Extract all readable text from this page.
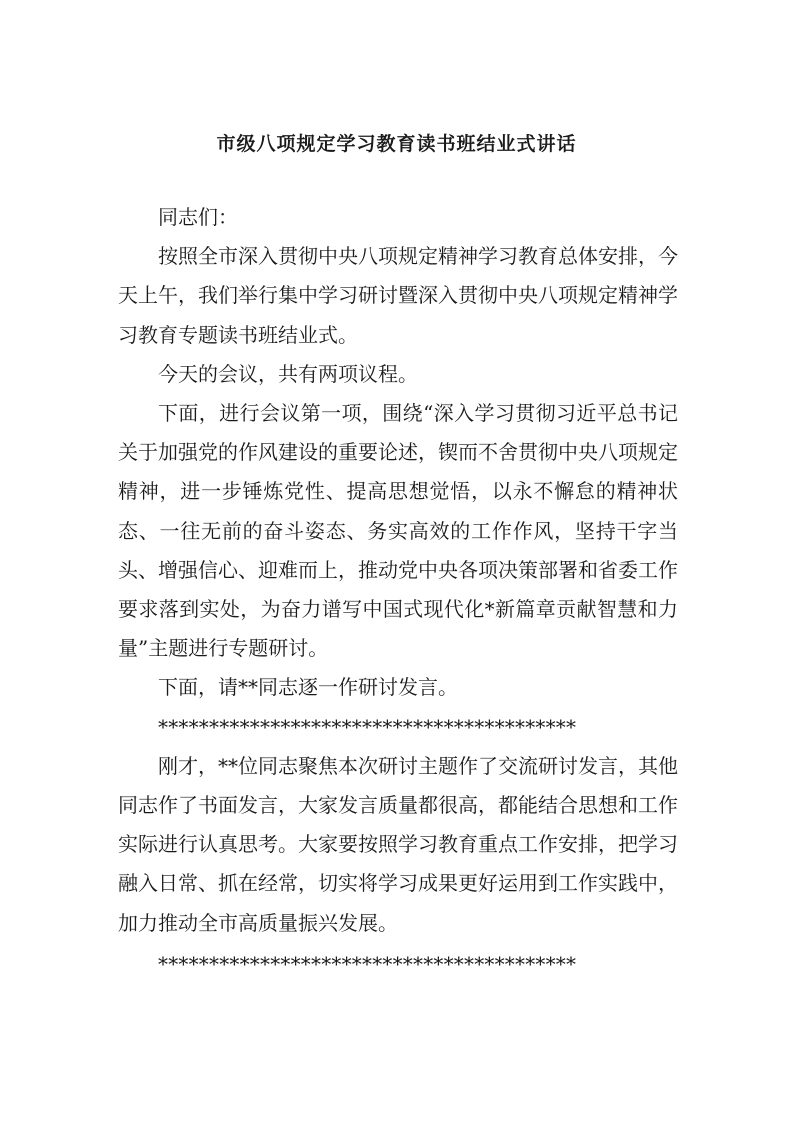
市级八项规定学习教育读书班结业式讲话

同志们：

按照全市深入贯彻中央八项规定精神学习教育总体安排，今天上午，我们举行集中学习研讨暨深入贯彻中央八项规定精神学习教育专题读书班结业式。

今天的会议，共有两项议程。

下面，进行会议第一项，围绕“深入学习贯彻习近平总书记关于加强党的作风建设的重要论述，锲而不舍贯彻中央八项规定精神，进一步锤炼党性、提高思想觉悟，以永不懈怠的精神状态、一往无前的奋斗姿态、务实高效的工作作风，坚持干字当头、增强信心、迎难而上，推动党中央各项决策部署和省委工作要求落到实处，为奋力谱写中国式现代化*新篇章贡献智慧和力量”主题进行专题研讨。

下面，请**同志逐一作研讨发言。

*****************************************

刚才，**位同志聚焦本次研讨主题作了交流研讨发言，其他同志作了书面发言，大家发言质量都很高，都能结合思想和工作实际进行认真思考。大家要按照学习教育重点工作安排，把学习融入日常、抓在经常，切实将学习成果更好运用到工作实践中，加力推动全市高质量振兴发展。

*****************************************
